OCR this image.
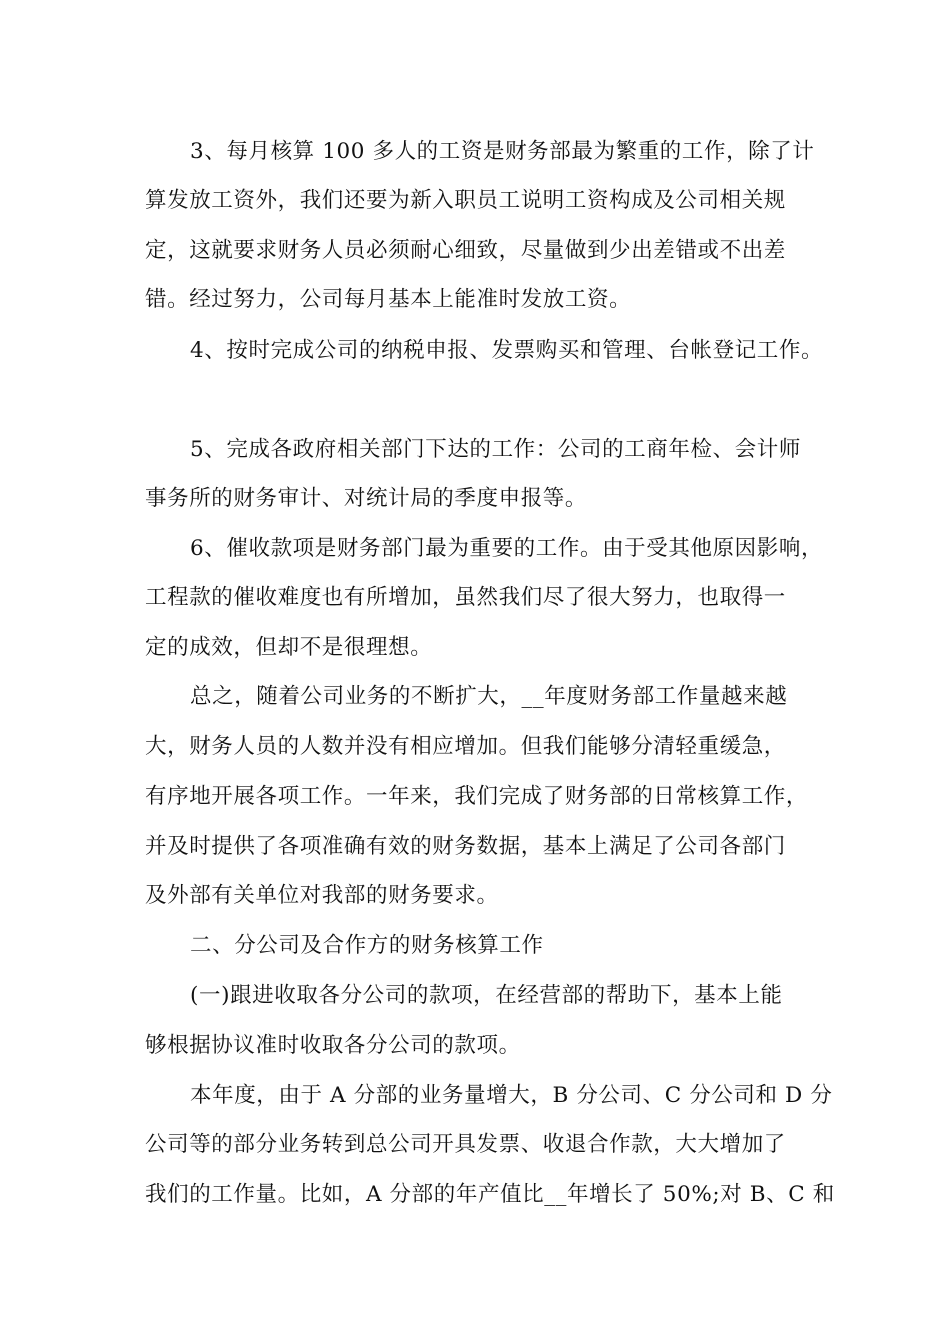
3、每月核算 100 多人的工资是财务部最为繁重的工作，除了计
算发放工资外，我们还要为新入职员工说明工资构成及公司相关规
定，这就要求财务人员必须耐心细致，尽量做到少出差错或不出差
错。经过努力，公司每月基本上能准时发放工资。
4、按时完成公司的纳税申报、发票购买和管理、台帐登记工作。
5、完成各政府相关部门下达的工作：公司的工商年检、会计师
事务所的财务审计、对统计局的季度申报等。
6、催收款项是财务部门最为重要的工作。由于受其他原因影响，
工程款的催收难度也有所增加，虽然我们尽了很大努力，也取得一
定的成效，但却不是很理想。
总之，随着公司业务的不断扩大，__年度财务部工作量越来越
大，财务人员的人数并没有相应增加。但我们能够分清轻重缓急，
有序地开展各项工作。一年来，我们完成了财务部的日常核算工作，
并及时提供了各项准确有效的财务数据，基本上满足了公司各部门
及外部有关单位对我部的财务要求。
二、分公司及合作方的财务核算工作
(一)跟进收取各分公司的款项，在经营部的帮助下，基本上能
够根据协议准时收取各分公司的款项。
本年度，由于 A 分部的业务量增大，B 分公司、C 分公司和 D 分
公司等的部分业务转到总公司开具发票、收退合作款，大大增加了
我们的工作量。比如，A 分部的年产值比__年增长了 50%;对 B、C 和
